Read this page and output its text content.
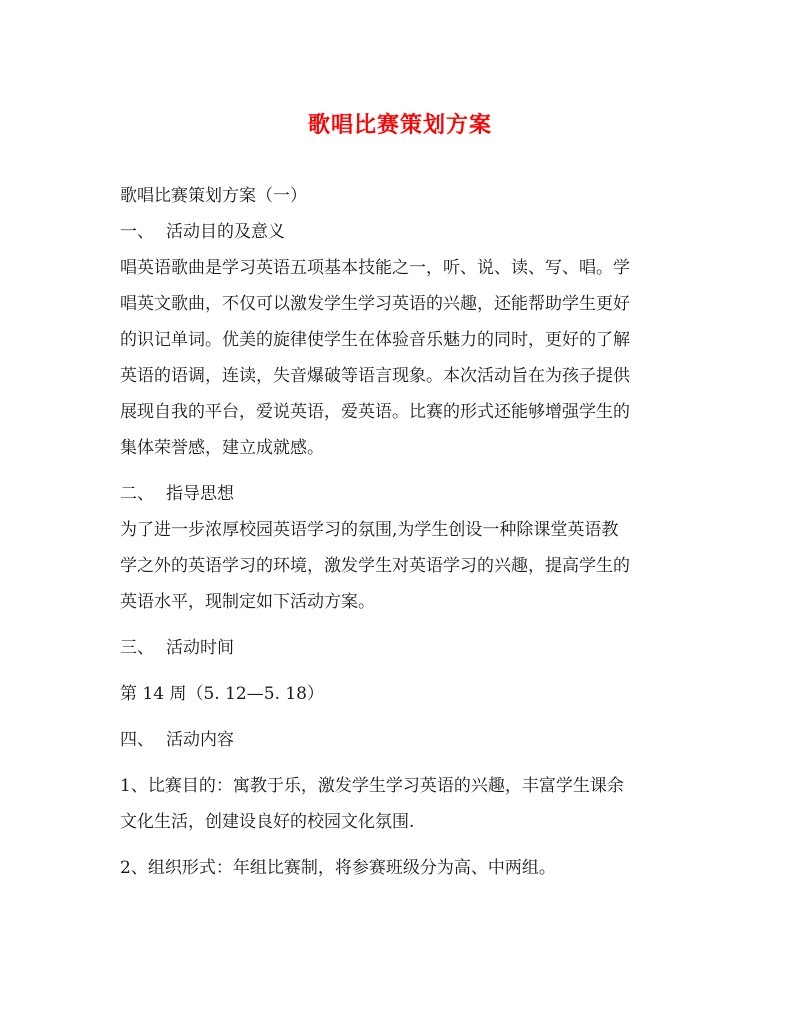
歌唱比赛策划方案

歌唱比赛策划方案（一）

一、 活动目的及意义

唱英语歌曲是学习英语五项基本技能之一，听、说、读、写、唱。学

唱英文歌曲，不仅可以激发学生学习英语的兴趣，还能帮助学生更好

的识记单词。优美的旋律使学生在体验音乐魅力的同时，更好的了解

英语的语调，连读，失音爆破等语言现象。本次活动旨在为孩子提供

展现自我的平台，爱说英语，爱英语。比赛的形式还能够增强学生的

集体荣誉感，建立成就感。

二、 指导思想

为了进一步浓厚校园英语学习的氛围,为学生创设一种除课堂英语教

学之外的英语学习的环境，激发学生对英语学习的兴趣，提高学生的

英语水平，现制定如下活动方案。

三、 活动时间

第 14 周（5. 12—5. 18）

四、 活动内容

1、比赛目的：寓教于乐，激发学生学习英语的兴趣，丰富学生课余

文化生活，创建设良好的校园文化氛围.

2、组织形式：年组比赛制，将参赛班级分为高、中两组。
